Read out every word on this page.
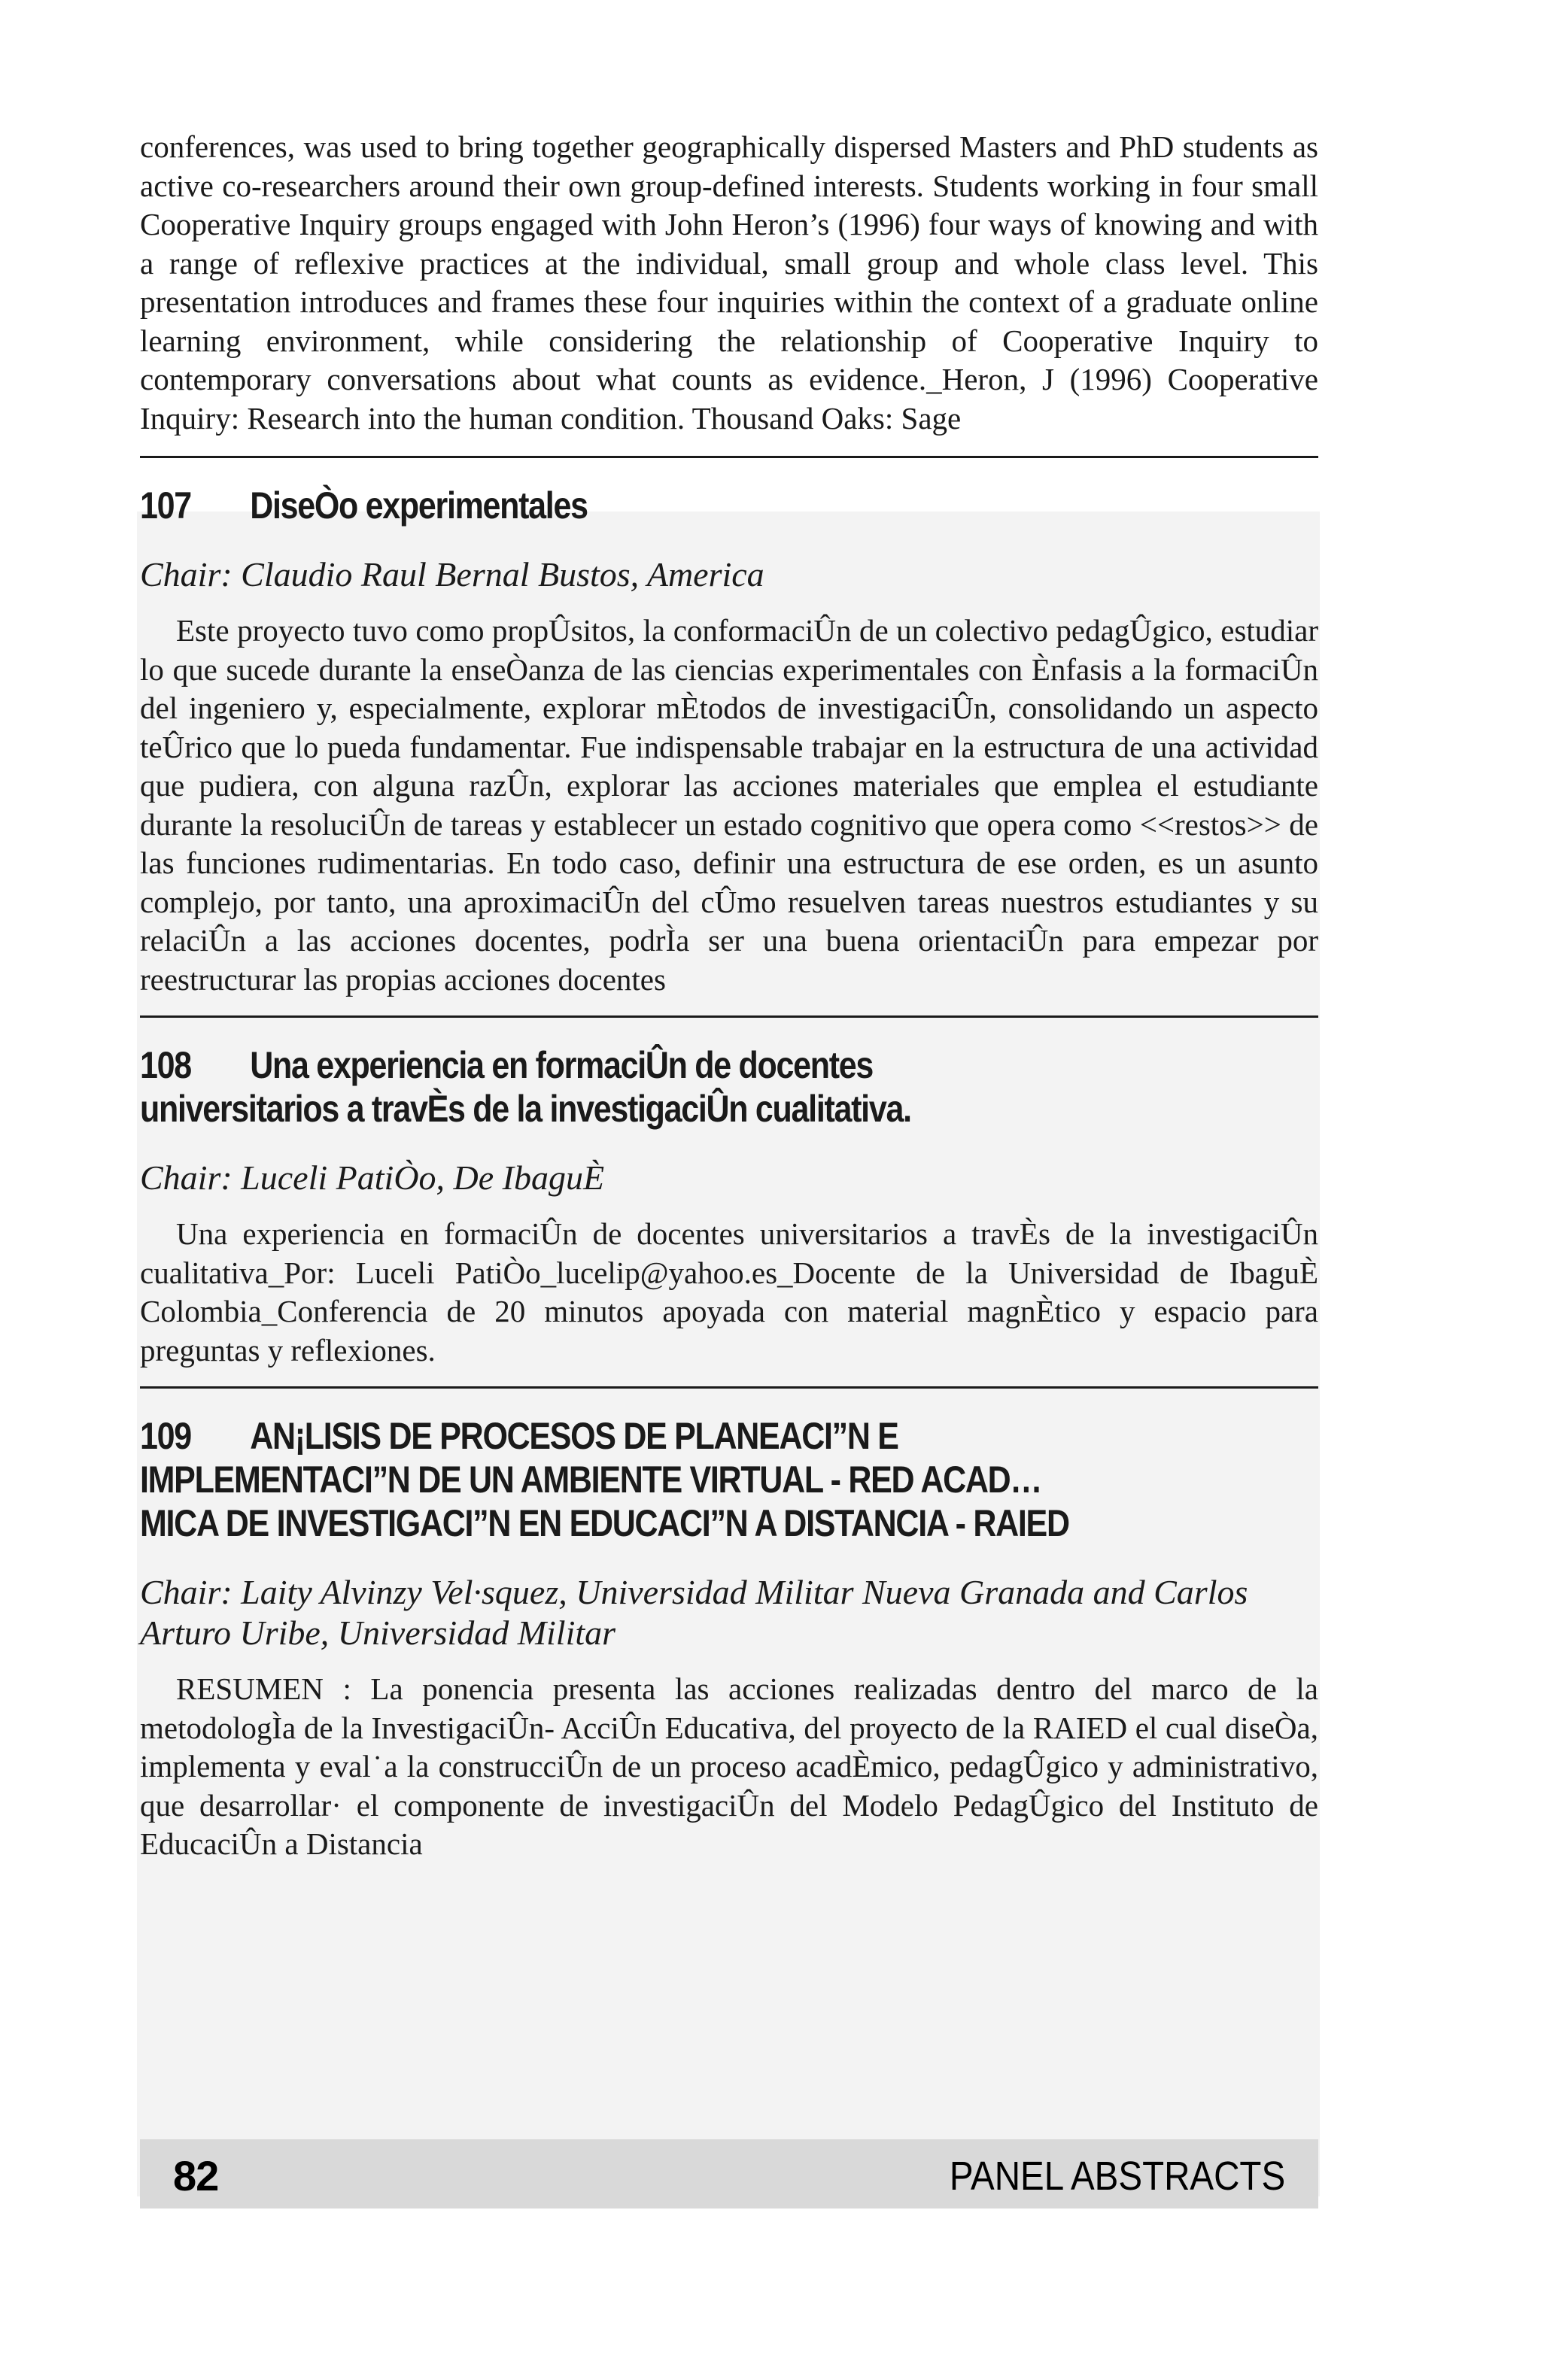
conferences, was used to bring together geographically dispersed Masters and PhD students as active co-researchers around their own group-defined interests. Students working in four small Cooperative Inquiry groups engaged with John Heron’s (1996) four ways of knowing and with a range of reflexive practices at the individual, small group and whole class level. This presentation introduces and frames these four inquiries within the context of a graduate online learning environment, while considering the relationship of Cooperative Inquiry to contemporary conversations about what counts as evidence._Heron, J (1996) Cooperative Inquiry: Research into the human condition. Thousand Oaks: Sage

107 DiseÒo experimentales

Chair: Claudio Raul Bernal Bustos, America

Este proyecto tuvo como propÛsitos, la conformaciÛn de un colectivo pedagÛgico, estudiar lo que sucede durante la enseÒanza de las ciencias experimentales con Ènfasis a la formaciÛn del ingeniero y, especialmente, explorar mÈtodos de investigaciÛn, consolidando un aspecto teÛrico que lo pueda fundamentar. Fue indispensable trabajar en la estructura de una actividad que pudiera, con alguna razÛn, explorar las acciones materiales que emplea el estudiante durante la resoluciÛn de tareas y establecer un estado cognitivo que opera como <<restos>> de las funciones rudimentarias. En todo caso, definir una estructura de ese orden, es un asunto complejo, por tanto, una aproximaciÛn del cÛmo resuelven tareas nuestros estudiantes y su relaciÛn a las acciones docentes, podrÌa ser una buena orientaciÛn para empezar por reestructurar las propias acciones docentes

108 Una experiencia en formaciÛn de docentes
universitarios a travÈs de la investigaciÛn cualitativa.

Chair: Luceli PatiÒo, De IbaguÈ

Una experiencia en formaciÛn de docentes universitarios a travÈs de la investigaciÛn cualitativa_Por: Luceli PatiÒo_lucelip@yahoo.es_Docente de la Universidad de IbaguÈ Colombia_Conferencia de 20 minutos apoyada con material magnÈtico y espacio para preguntas y reflexiones.

109 AN¡LISIS DE PROCESOS DE PLANEACI”N E
IMPLEMENTACI”N DE UN AMBIENTE VIRTUAL - RED ACAD…
MICA DE INVESTIGACI”N EN EDUCACI”N A DISTANCIA - RAIED

Chair: Laity Alvinzy Vel·squez, Universidad Militar Nueva Granada and Carlos Arturo Uribe, Universidad Militar

RESUMEN : La ponencia presenta las acciones realizadas dentro del marco de la metodologÌa de la InvestigaciÛn- AcciÛn Educativa, del proyecto de la RAIED el cual diseÒa, implementa y eval˙a la construcciÛn de un proceso acadÈmico, pedagÛgico y administrativo, que desarrollar· el componente de investigaciÛn del Modelo PedagÛgico del Instituto de EducaciÛn a Distancia

82	PANEL ABSTRACTS
